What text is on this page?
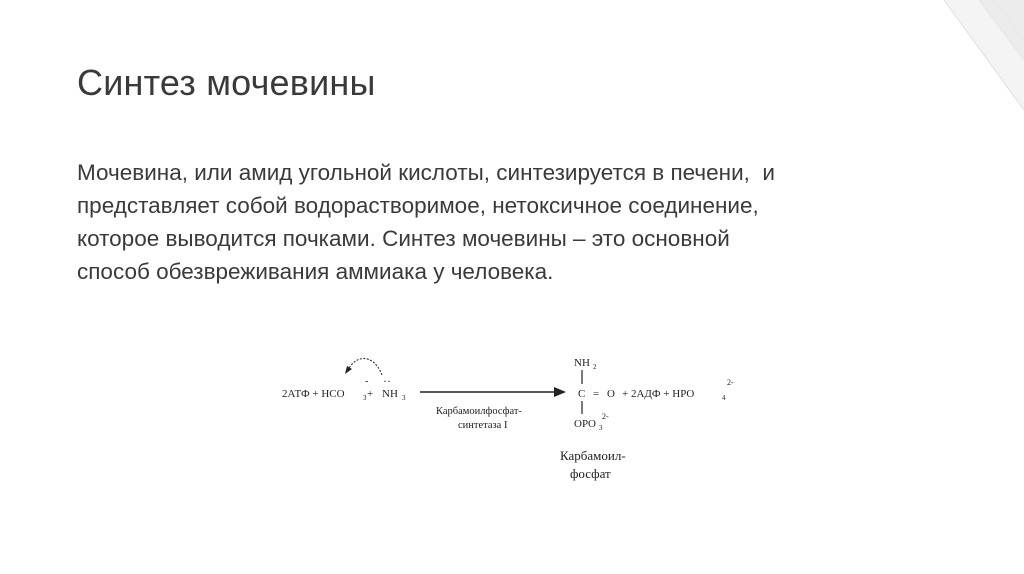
Синтез мочевины
Мочевина, или амид угольной кислоты, синтезируется в печени,  и
представляет собой водорастворимое, нетоксичное соединение,
которое выводится почками. Синтез мочевины – это основной
способ обезвреживания аммиака у человека.
2АТФ + HCO	3
-
+
··
NH 3
Карбамоилфосфат-
синтетаза I
NH 2
C = O
OPO 3
2-
+ 2АДФ + HPO	4
2-
Карбамоил-
фосфат
